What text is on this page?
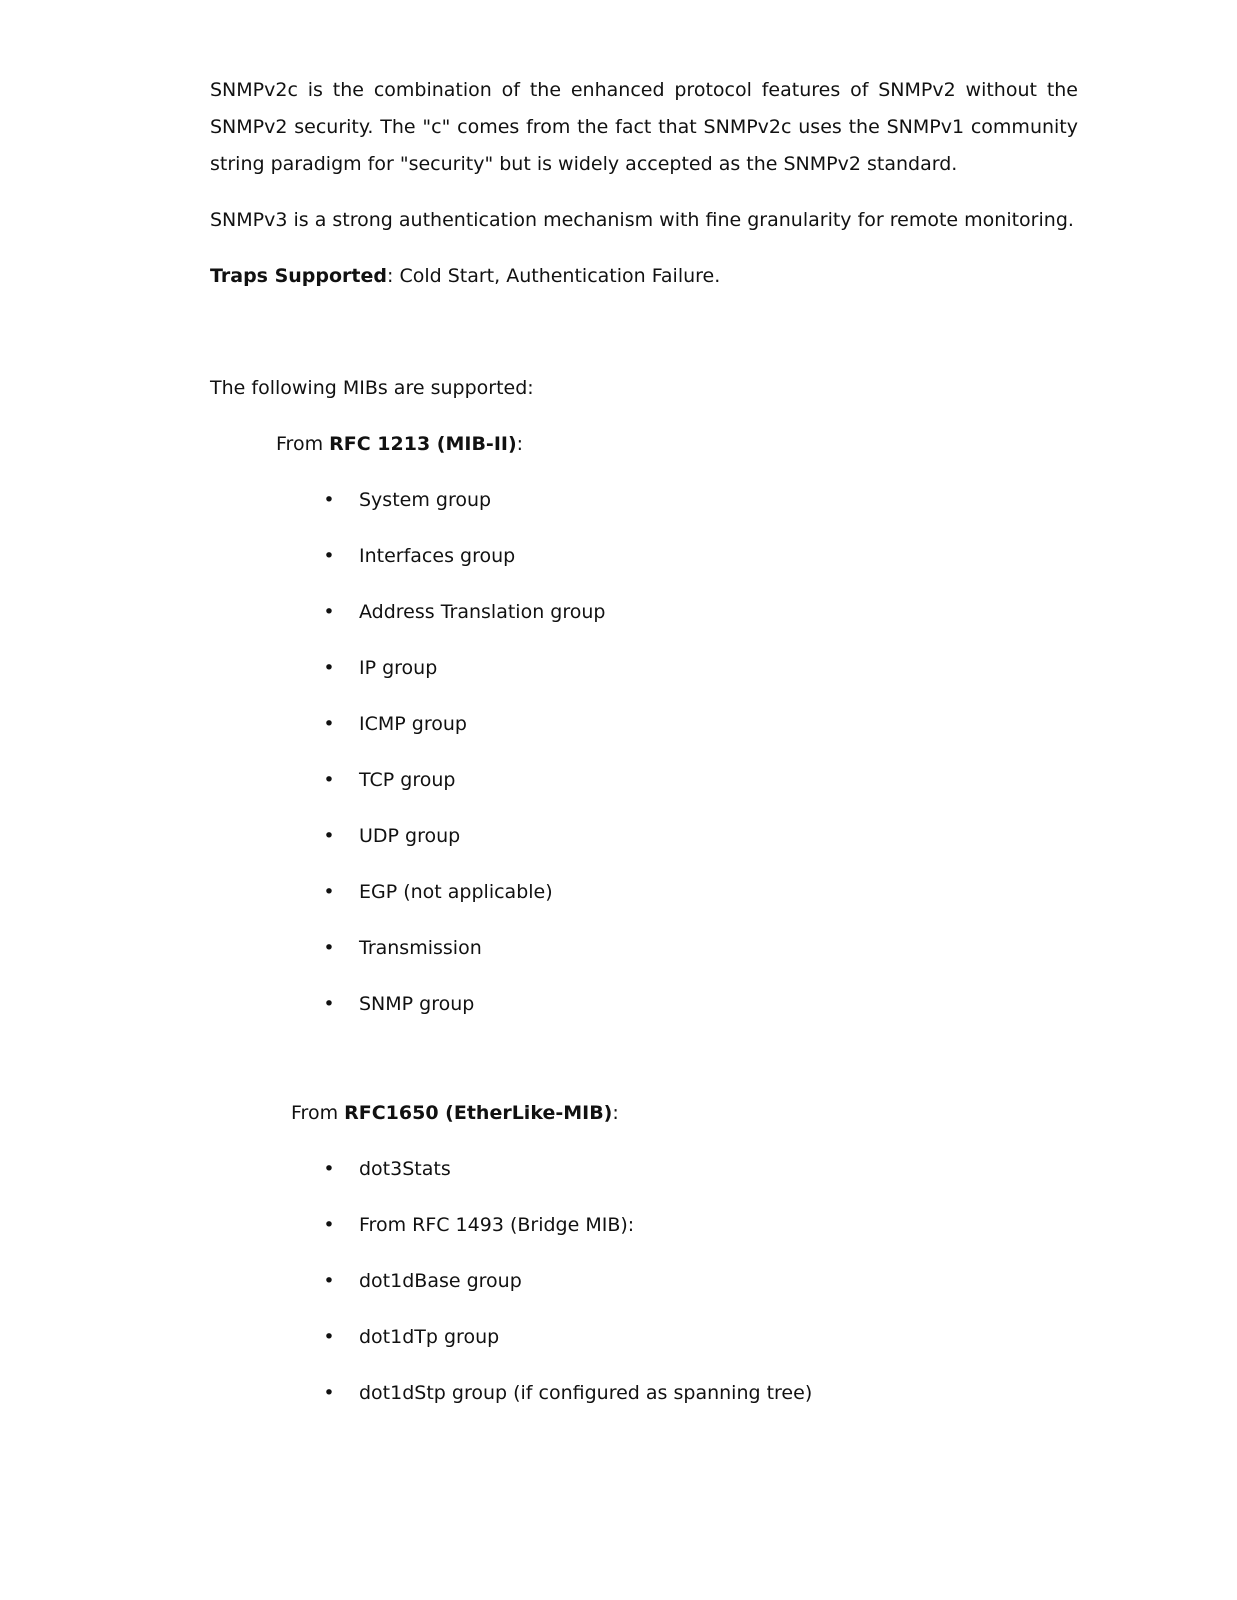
SNMPv2c is the combination of the enhanced protocol features of SNMPv2 without the SNMPv2 security. The "c" comes from the fact that SNMPv2c uses the SNMPv1 community string paradigm for "security" but is widely accepted as the SNMPv2 standard.

SNMPv3 is a strong authentication mechanism with fine granularity for remote monitoring.

Traps Supported: Cold Start, Authentication Failure.

The following MIBs are supported:

From RFC 1213 (MIB-II):

• System group
• Interfaces group
• Address Translation group
• IP group
• ICMP group
• TCP group
• UDP group
• EGP (not applicable)
• Transmission
• SNMP group

From RFC1650 (EtherLike-MIB):

• dot3Stats
• From RFC 1493 (Bridge MIB):
• dot1dBase group
• dot1dTp group
• dot1dStp group (if configured as spanning tree)
